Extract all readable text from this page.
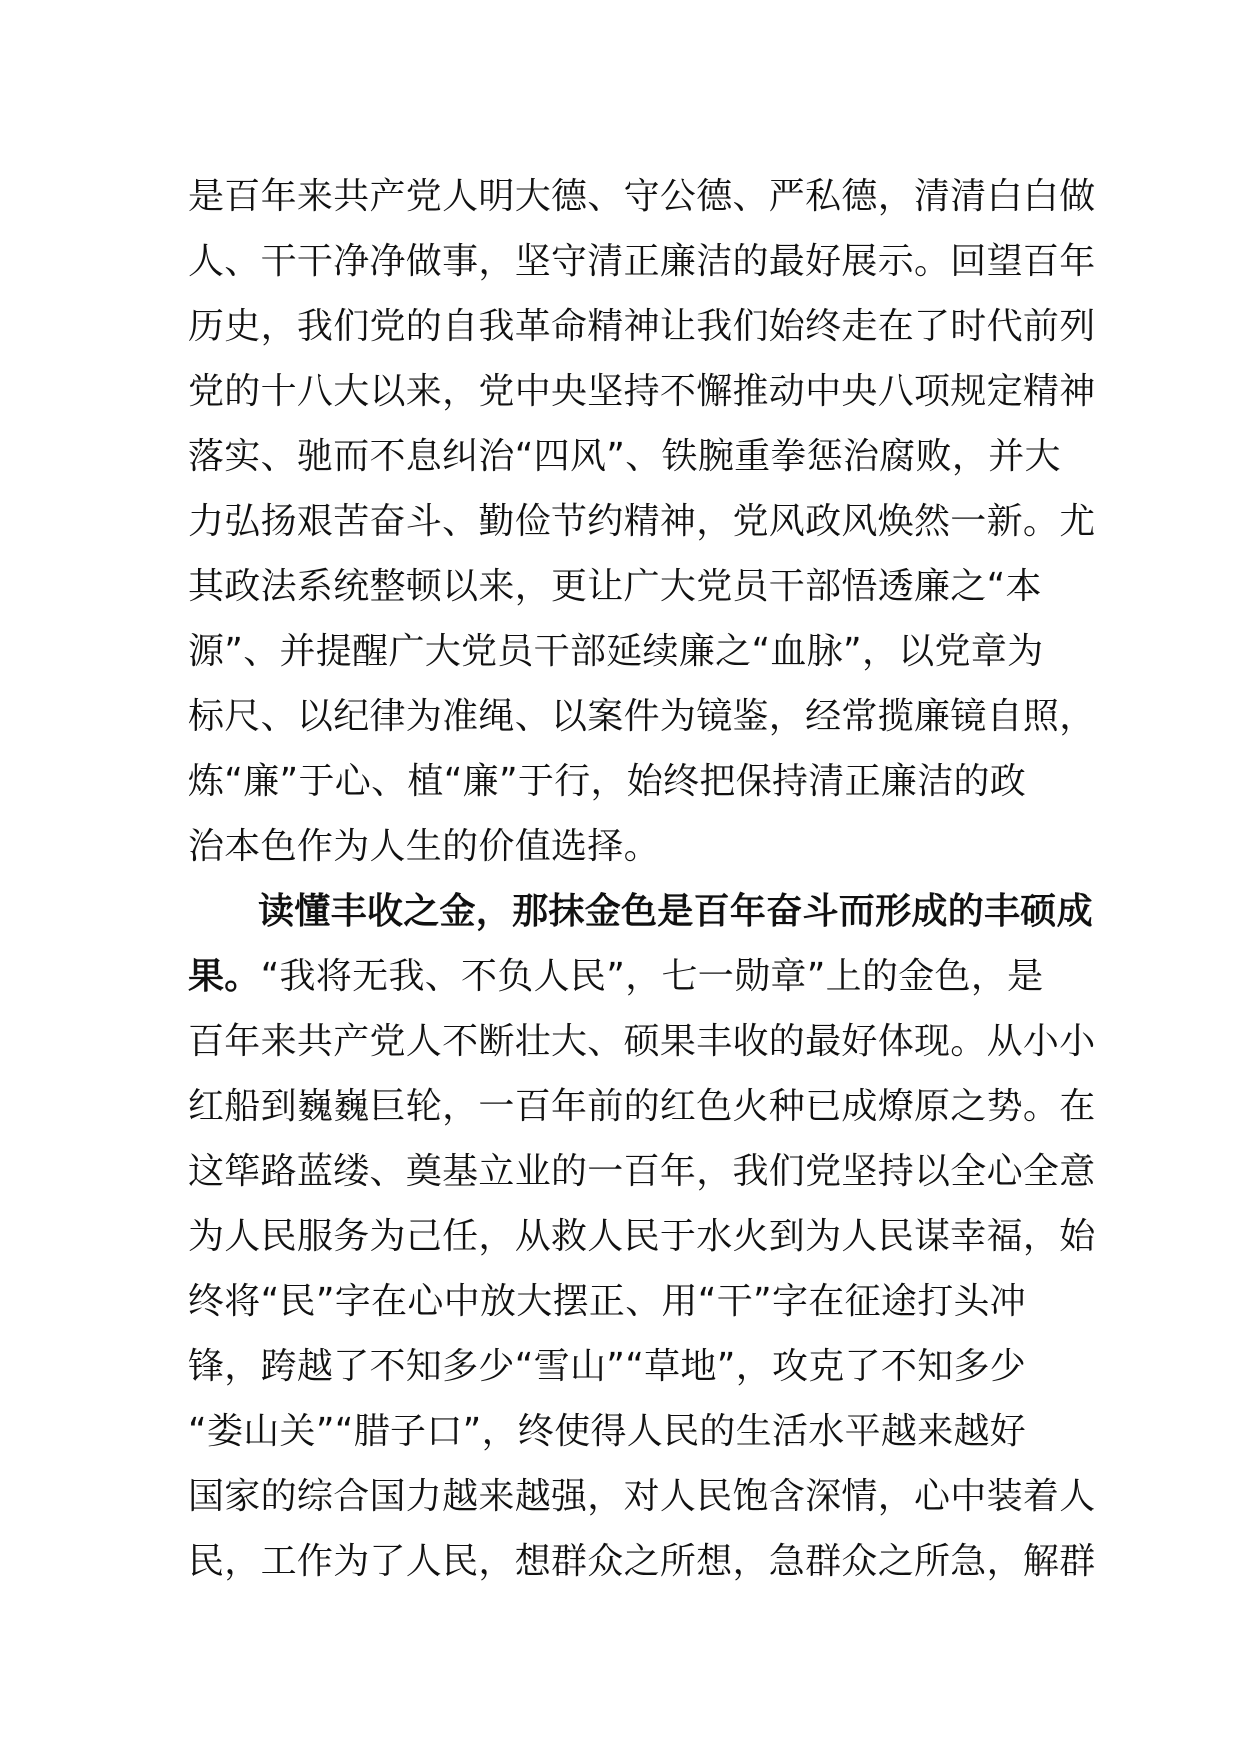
是百年来共产党人明大德、守公德、严私德，清清白白做
人、干干净净做事，坚守清正廉洁的最好展示。回望百年
历史，我们党的自我革命精神让我们始终走在了时代前列
党的十八大以来，党中央坚持不懈推动中央八项规定精神
落实、驰而不息纠治“四风”、铁腕重拳惩治腐败，并大
力弘扬艰苦奋斗、勤俭节约精神，党风政风焕然一新。尤
其政法系统整顿以来，更让广大党员干部悟透廉之“本
源”、并提醒广大党员干部延续廉之“血脉”，以党章为
标尺、以纪律为准绳、以案件为镜鉴，经常揽廉镜自照，
炼“廉”于心、植“廉”于行，始终把保持清正廉洁的政
治本色作为人生的价值选择。
读懂丰收之金，那抹金色是百年奋斗而形成的丰硕成
果。“我将无我、不负人民”，七一勋章”上的金色，是
百年来共产党人不断壮大、硕果丰收的最好体现。从小小
红船到巍巍巨轮，一百年前的红色火种已成燎原之势。在
这筚路蓝缕、奠基立业的一百年，我们党坚持以全心全意
为人民服务为己任，从救人民于水火到为人民谋幸福，始
终将“民”字在心中放大摆正、用“干”字在征途打头冲
锋，跨越了不知多少“雪山”“草地”，攻克了不知多少
“娄山关”“腊子口”，终使得人民的生活水平越来越好
国家的综合国力越来越强，对人民饱含深情，心中装着人
民，工作为了人民，想群众之所想，急群众之所急，解群
